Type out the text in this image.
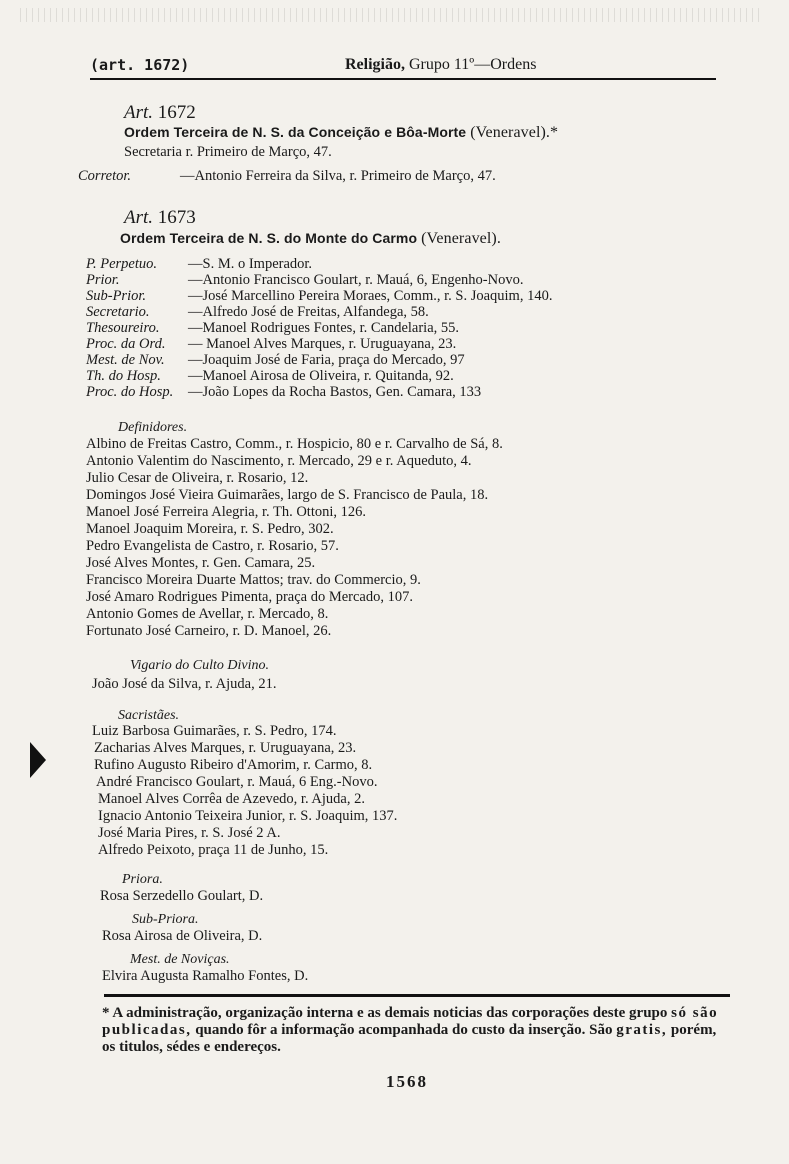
(art. 1672)	Religião, Grupo 11º—Ordens
Art. 1672
Ordem Terceira de N. S. da Conceição e Bôa-Morte (Veneravel).*
Secretaria r. Primeiro de Março, 47.
Corretor.	—Antonio Ferreira da Silva, r. Primeiro de Março, 47.
Art. 1673
Ordem Terceira de N. S. do Monte do Carmo (Veneravel).
P. Perpetuo. —S. M. o Imperador.
Prior.	—Antonio Francisco Goulart, r. Mauá, 6, Engenho-Novo.
Sub-Prior.	—José Marcellino Pereira Moraes, Comm., r. S. Joaquim, 140.
Secretario.	—Alfredo José de Freitas, Alfandega, 58.
Thesoureiro. —Manoel Rodrigues Fontes, r. Candelaria, 55.
Proc. da Ord. — Manoel Alves Marques, r. Uruguayana, 23.
Mest. de Nov. —Joaquim José de Faria, praça do Mercado, 97
Th. do Hosp. —Manoel Airosa de Oliveira, r. Quitanda, 92.
Proc. do Hosp. —João Lopes da Rocha Bastos, Gen. Camara, 133
Definidores.
Albino de Freitas Castro, Comm., r. Hospicio, 80 e r. Carvalho de Sá, 8.
Antonio Valentim do Nascimento, r. Mercado, 29 e r. Aqueduto, 4.
Julio Cesar de Oliveira, r. Rosario, 12.
Domingos José Vieira Guimarães, largo de S. Francisco de Paula, 18.
Manoel José Ferreira Alegria, r. Th. Ottoni, 126.
Manoel Joaquim Moreira, r. S. Pedro, 302.
Pedro Evangelista de Castro, r. Rosario, 57.
José Alves Montes, r. Gen. Camara, 25.
Francisco Moreira Duarte Mattos; trav. do Commercio, 9.
José Amaro Rodrigues Pimenta, praça do Mercado, 107.
Antonio Gomes de Avellar, r. Mercado, 8.
Fortunato José Carneiro, r. D. Manoel, 26.
Vigario do Culto Divino.
João José da Silva, r. Ajuda, 21.
Sacristães.
Luiz Barbosa Guimarães, r. S. Pedro, 174.
Zacharias Alves Marques, r. Uruguayana, 23.
Rufino Augusto Ribeiro d'Amorim, r. Carmo, 8.
André Francisco Goulart, r. Mauá, 6 Eng.-Novo.
Manoel Alves Corrêa de Azevedo, r. Ajuda, 2.
Ignacio Antonio Teixeira Junior, r. S. Joaquim, 137.
José Maria Pires, r. S. José 2 A.
Alfredo Peixoto, praça 11 de Junho, 15.
Priora.
Rosa Serzedello Goulart, D.
Sub-Priora.
Rosa Airosa de Oliveira, D.
Mest. de Noviças.
Elvira Augusta Ramalho Fontes, D.
* A administração, organização interna e as demais noticias das corporações deste grupo só são publicadas, quando fôr a informação acompanhada do custo da inserção. São gratis, porém, os titulos, sédes e endereços.
1568
